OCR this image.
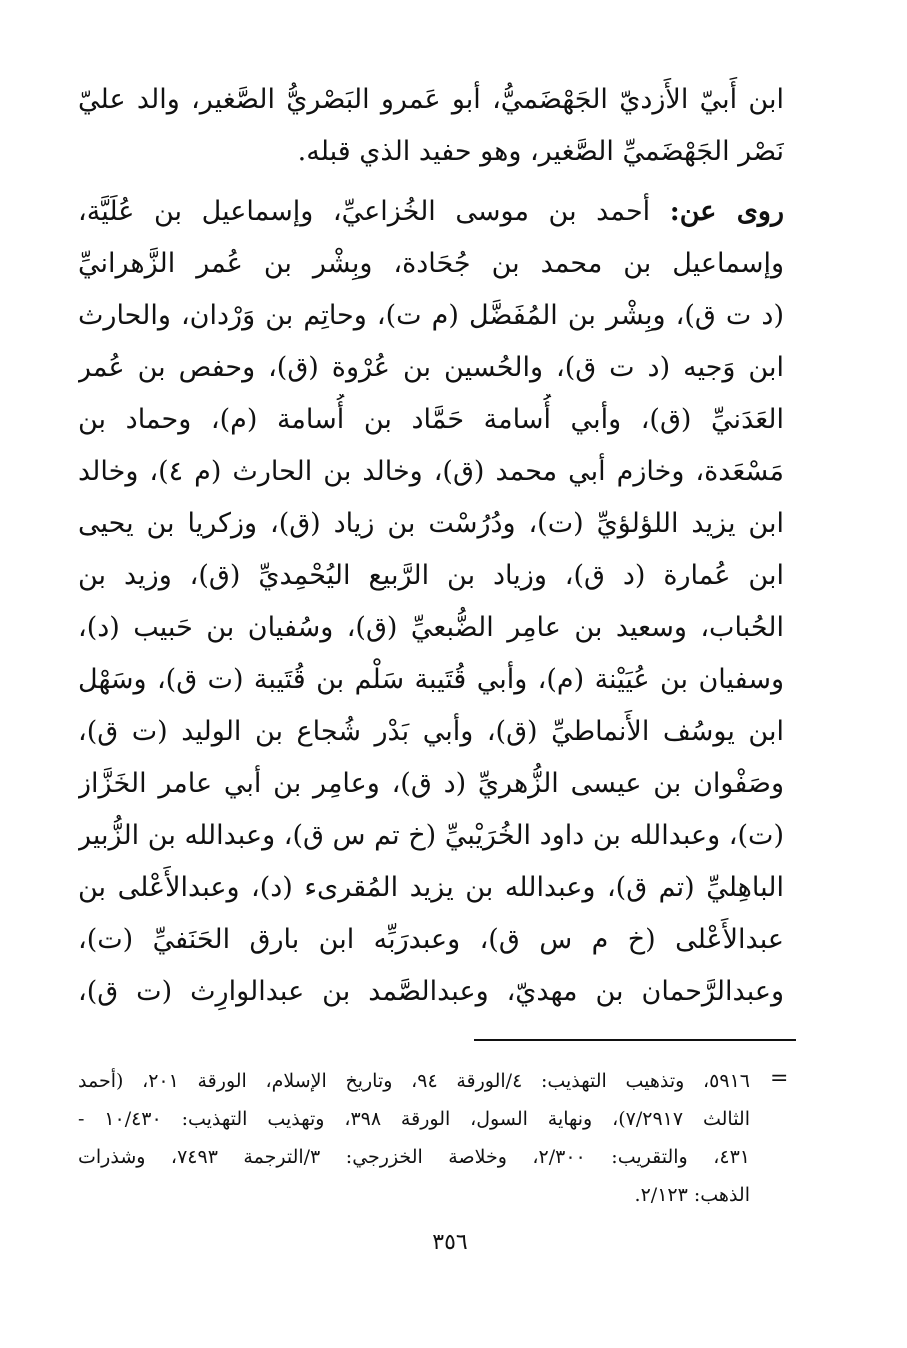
ابن أَبيّ الأَزديّ الجَهْضَميُّ، أبو عَمرو البَصْريُّ الصَّغير، والد عليّ
نَصْر الجَهْضَميِّ الصَّغير، وهو حفيد الذي قبله.
روى عن: أحمد بن موسى الخُزاعيِّ، وإسماعيل بن عُلَيَّة،
وإسماعيل بن محمد بن جُحَادة، وبِشْر بن عُمر الزَّهرانيِّ
(د ت ق)، وبِشْر بن المُفَضَّل (م ت)، وحاتِم بن وَرْدان، والحارث
ابن وَجيه (د ت ق)، والحُسين بن عُرْوة (ق)، وحفص بن عُمر
العَدَنيِّ (ق)، وأبي أُسامة حَمَّاد بن أُسامة (م)، وحماد بن
مَسْعَدة، وخازم أبي محمد (ق)، وخالد بن الحارث (م ٤)، وخالد
ابن يزيد اللؤلؤيِّ (ت)، ودُرُسْت بن زياد (ق)، وزكريا بن يحيى
ابن عُمارة (د ق)، وزياد بن الرَّبيع اليُحْمِديِّ (ق)، وزيد بن
الحُباب، وسعيد بن عامِر الضُّبعيِّ (ق)، وسُفيان بن حَبيب (د)،
وسفيان بن عُيَيْنة (م)، وأبي قُتَيبة سَلْم بن قُتَيبة (ت ق)، وسَهْل
ابن يوسُف الأَنماطيِّ (ق)، وأبي بَدْر شُجاع بن الوليد (ت ق)،
وصَفْوان بن عيسى الزُّهريِّ (د ق)، وعامِر بن أبي عامر الخَزَّاز
(ت)، وعبدالله بن داود الخُرَيْبيِّ (خ تم س ق)، وعبدالله بن الزُّبير
الباهِليِّ (تم ق)، وعبدالله بن يزيد المُقرىء (د)، وعبدالأَعْلى بن
عبدالأَعْلى (خ م س ق)، وعبدرَبِّه ابن بارق الحَنَفيِّ (ت)،
وعبدالرَّحمان بن مهديّ، وعبدالصَّمد بن عبدالوارِث (ت ق)،
=
٥٩١٦، وتذهيب التهذيب: ٤/الورقة ٩٤، وتاريخ الإسلام، الورقة ٢٠١، (أحمد
الثالث ٧/٢٩١٧)، ونهاية السول، الورقة ٣٩٨، وتهذيب التهذيب: ١٠/٤٣٠ -
٤٣١، والتقريب: ٢/٣٠٠، وخلاصة الخزرجي: ٣/الترجمة ٧٤٩٣، وشذرات
الذهب: ٢/١٢٣.
٣٥٦
